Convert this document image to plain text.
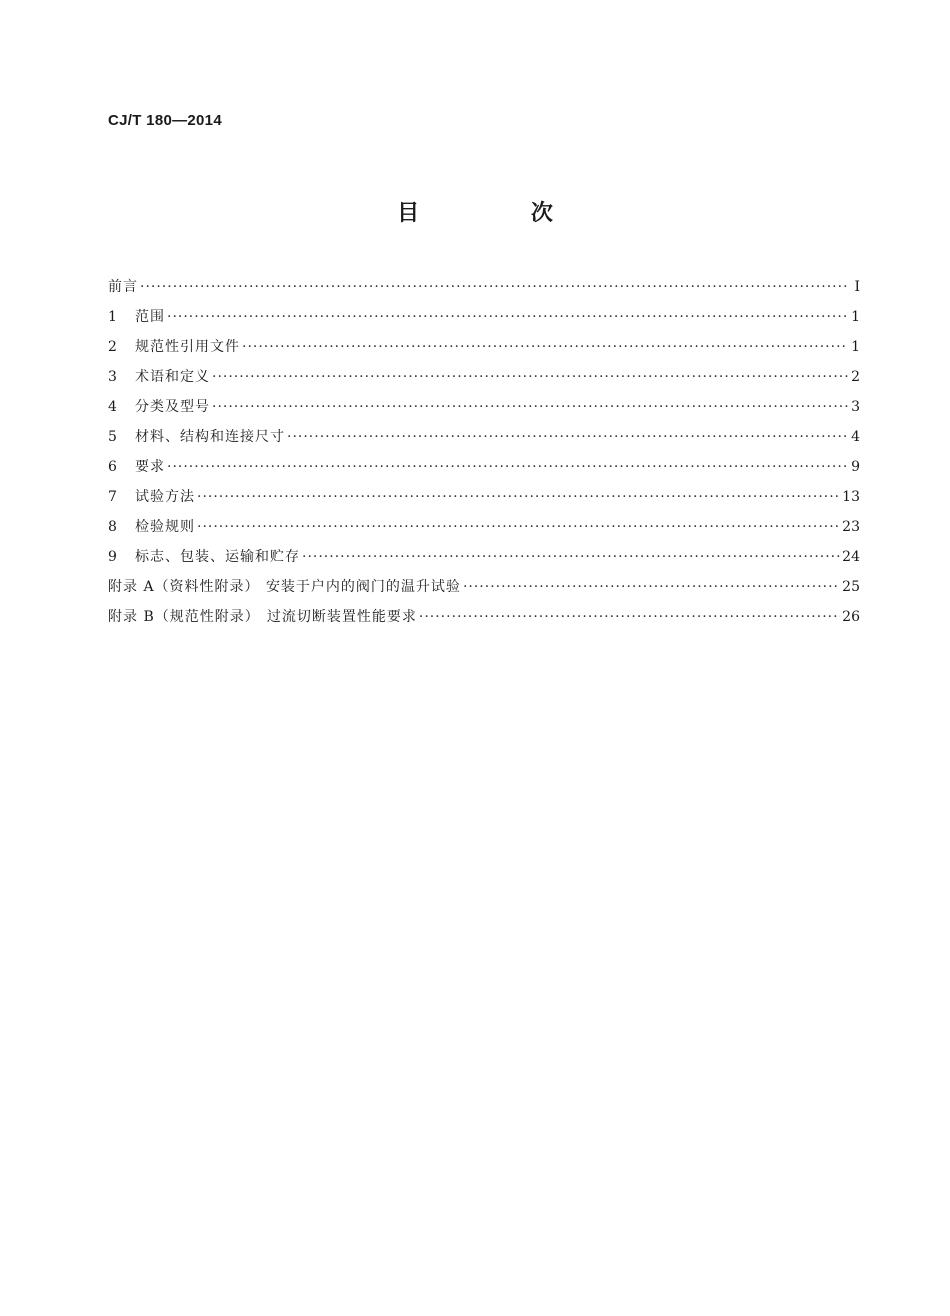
CJ/T 180—2014
目 次
前言 ·····	I
1	范围 ·····	1
2	规范性引用文件 ·····	1
3	术语和定义 ·····	2
4	分类及型号 ·····	3
5	材料、结构和连接尺寸 ·····	4
6	要求 ·····	9
7	试验方法 ·····	13
8	检验规则 ·····	23
9	标志、包装、运输和贮存 ·····	24
附录 A（资料性附录） 安装于户内的阀门的温升试验 ·····	25
附录 B（规范性附录） 过流切断装置性能要求 ·····	26
